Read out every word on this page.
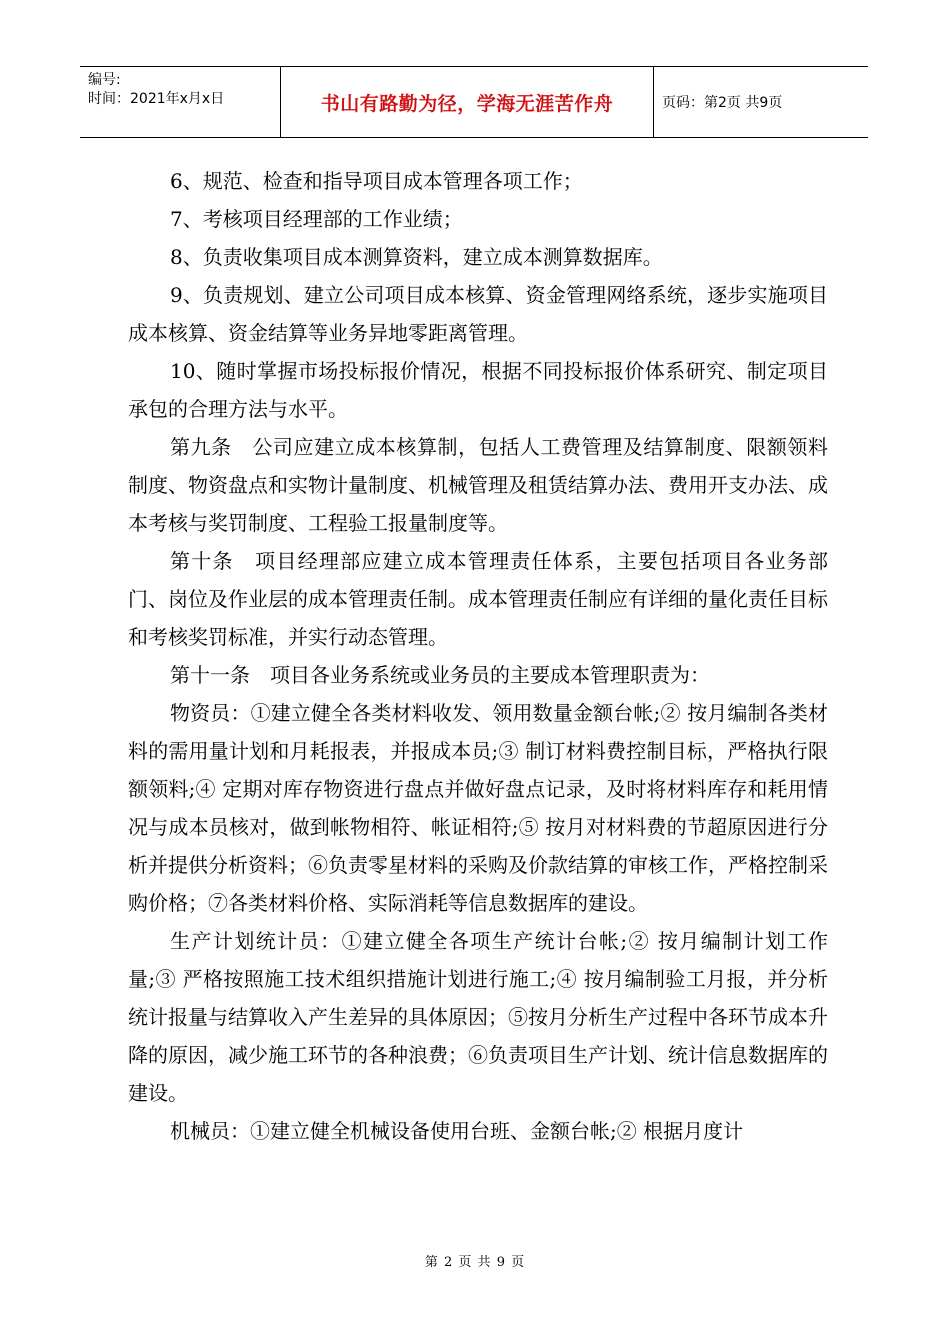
编号:
时间：2021年x月x日	书山有路勤为径，学海无涯苦作舟	页码：第2页 共9页

6、规范、检查和指导项目成本管理各项工作；

7、考核项目经理部的工作业绩；

8、负责收集项目成本测算资料，建立成本测算数据库。

9、负责规划、建立公司项目成本核算、资金管理网络系统，逐步实施项目成本核算、资金结算等业务异地零距离管理。

10、随时掌握市场投标报价情况，根据不同投标报价体系研究、制定项目承包的合理方法与水平。

第九条　公司应建立成本核算制，包括人工费管理及结算制度、限额领料制度、物资盘点和实物计量制度、机械管理及租赁结算办法、费用开支办法、成本考核与奖罚制度、工程验工报量制度等。

第十条　项目经理部应建立成本管理责任体系，主要包括项目各业务部门、岗位及作业层的成本管理责任制。成本管理责任制应有详细的量化责任目标和考核奖罚标准，并实行动态管理。

第十一条　项目各业务系统或业务员的主要成本管理职责为：

物资员：①建立健全各类材料收发、领用数量金额台帐;② 按月编制各类材料的需用量计划和月耗报表，并报成本员;③ 制订材料费控制目标，严格执行限额领料;④ 定期对库存物资进行盘点并做好盘点记录，及时将材料库存和耗用情况与成本员核对，做到帐物相符、帐证相符;⑤ 按月对材料费的节超原因进行分析并提供分析资料；⑥负责零星材料的采购及价款结算的审核工作，严格控制采购价格；⑦各类材料价格、实际消耗等信息数据库的建设。

生产计划统计员：①建立健全各项生产统计台帐;② 按月编制计划工作量;③ 严格按照施工技术组织措施计划进行施工;④ 按月编制验工月报，并分析统计报量与结算收入产生差异的具体原因；⑤按月分析生产过程中各环节成本升降的原因，减少施工环节的各种浪费；⑥负责项目生产计划、统计信息数据库的建设。

机械员：①建立健全机械设备使用台班、金额台帐;② 根据月度计

第 2 页 共 9 页
